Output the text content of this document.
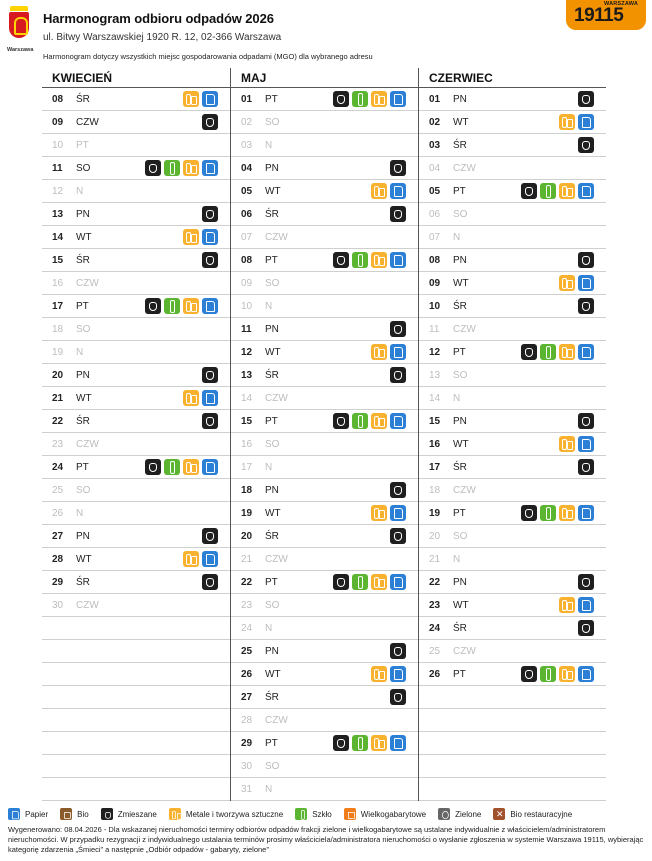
Warszawa
Harmonogram odbioru odpadów 2026
ul. Bitwy Warszawskiej 1920 R. 12, 02-366 Warszawa
Harmonogram dotyczy wszystkich miejsc gospodarowania odpadami (MGO) dla wybranego adresu
WARSZAWA
19115
KWIECIEŃ
08	ŚR
09	CZW
10	PT
11	SO
12	N
13	PN
14	WT
15	ŚR
16	CZW
17	PT
18	SO
19	N
20	PN
21	WT
22	ŚR
23	CZW
24	PT
25	SO
26	N
27	PN
28	WT
29	ŚR
30	CZW
MAJ
01	PT
02	SO
03	N
04	PN
05	WT
06	ŚR
07	CZW
08	PT
09	SO
10	N
11	PN
12	WT
13	ŚR
14	CZW
15	PT
16	SO
17	N
18	PN
19	WT
20	ŚR
21	CZW
22	PT
23	SO
24	N
25	PN
26	WT
27	ŚR
28	CZW
29	PT
30	SO
31	N
CZERWIEC
01	PN
02	WT
03	ŚR
04	CZW
05	PT
06	SO
07	N
08	PN
09	WT
10	ŚR
11	CZW
12	PT
13	SO
14	N
15	PN
16	WT
17	ŚR
18	CZW
19	PT
20	SO
21	N
22	PN
23	WT
24	ŚR
25	CZW
26	PT
Papier	Bio	Zmieszane	Metale i tworzywa sztuczne	Szkło	Wielkogabarytowe	Zielone
✕	Bio restauracyjne
Wygenerowano: 08.04.2026 - Dla wskazanej nieruchomości terminy odbiorów odpadów frakcji zielone i wielkogabarytowe są ustalane indywidualnie z właścicielem/administratorem nieruchomości. W przypadku rezygnacji z indywidualnego ustalania terminów prosimy właściciela/administratora nieruchomości o wysłanie zgłoszenia w systemie Warszawa 19115, wybierając kategorię zdarzenia „Śmieci” a następnie „Odbiór odpadów - gabaryty, zielone”
